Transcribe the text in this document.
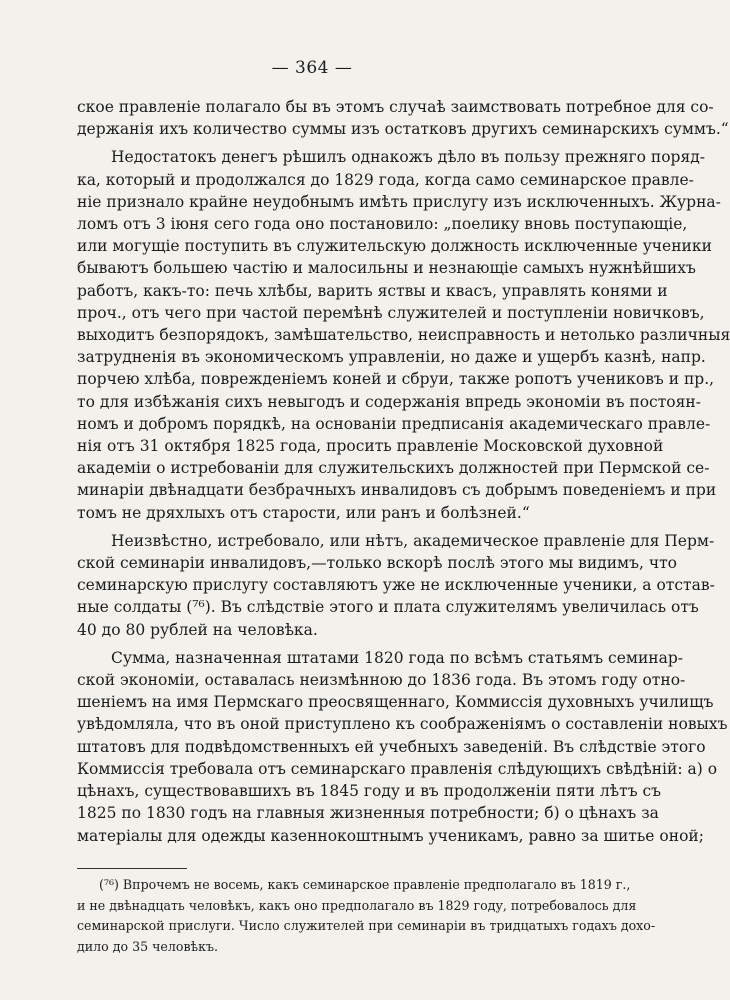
— 364 —
ское правленіе полагало бы въ этомъ случаѣ заимствовать потребное для со-
держанія ихъ количество суммы изъ остатковъ другихъ семинарскихъ суммъ.“
Недостатокъ денегъ рѣшилъ однакожъ дѣло въ пользу прежняго поряд-
ка, который и продолжался до 1829 года, когда само семинарское правле-
ніе признало крайне неудобнымъ имѣть прислугу изъ исключенныхъ. Журна-
ломъ отъ 3 іюня сего года оно постановило: „поелику вновь поступающіе,
или могущіе поступить въ служительскую должность исключенные ученики
бываютъ большею частію и малосильны и незнающіе самыхъ нужнѣйшихъ
работъ, какъ-то: печь хлѣбы, варить яствы и квасъ, управлять конями и
проч., отъ чего при частой перемѣнѣ служителей и поступленіи новичковъ,
выходитъ безпорядокъ, замѣшательство, неисправность и нетолько различныя
затрудненія въ экономическомъ управленіи, но даже и ущербъ казнѣ, напр.
порчею хлѣба, поврежденіемъ коней и сбруи, также ропотъ учениковъ и пр.,
то для избѣжанія сихъ невыгодъ и содержанія впредь экономіи въ постоян-
номъ и добромъ порядкѣ, на основаніи предписанія академическаго правле-
нія отъ 31 октября 1825 года, просить правленіе Московской духовной
академіи о истребованіи для служительскихъ должностей при Пермской се-
минаріи двѣнадцати безбрачныхъ инвалидовъ съ добрымъ поведеніемъ и при
томъ не дряхлыхъ отъ старости, или ранъ и болѣзней.“
Неизвѣстно, истребовало, или нѣтъ, академическое правленіе для Перм-
ской семинаріи инвалидовъ,—только вскорѣ послѣ этого мы видимъ, что
семинарскую прислугу составляютъ уже не исключенные ученики, а отстав-
ные солдаты (⁷⁶). Въ слѣдствіе этого и плата служителямъ увеличилась отъ
40 до 80 рублей на человѣка.
Сумма, назначенная штатами 1820 года по всѣмъ статьямъ семинар-
ской экономіи, оставалась неизмѣнною до 1836 года. Въ этомъ году отно-
шеніемъ на имя Пермскаго преосвященнаго, Коммиссія духовныхъ училищъ
увѣдомляла, что въ оной приступлено къ соображеніямъ о составленіи новыхъ
штатовъ для подвѣдомственныхъ ей учебныхъ заведеній. Въ слѣдствіе этого
Коммиссія требовала отъ семинарскаго правленія слѣдующихъ свѣдѣній: а) о
цѣнахъ, существовавшихъ въ 1845 году и въ продолженіи пяти лѣтъ съ
1825 по 1830 годъ на главныя жизненныя потребности; б) о цѣнахъ за
матеріалы для одежды казеннокоштнымъ ученикамъ, равно за шитье оной;
(⁷⁶) Впрочемъ не восемь, какъ семинарское правленіе предполагало въ 1819 г.,
и не двѣнадцать человѣкъ, какъ оно предполагало въ 1829 году, потребовалось для
семинарской прислуги. Число служителей при семинаріи въ тридцатыхъ годахъ дохо-
дило до 35 человѣкъ.
